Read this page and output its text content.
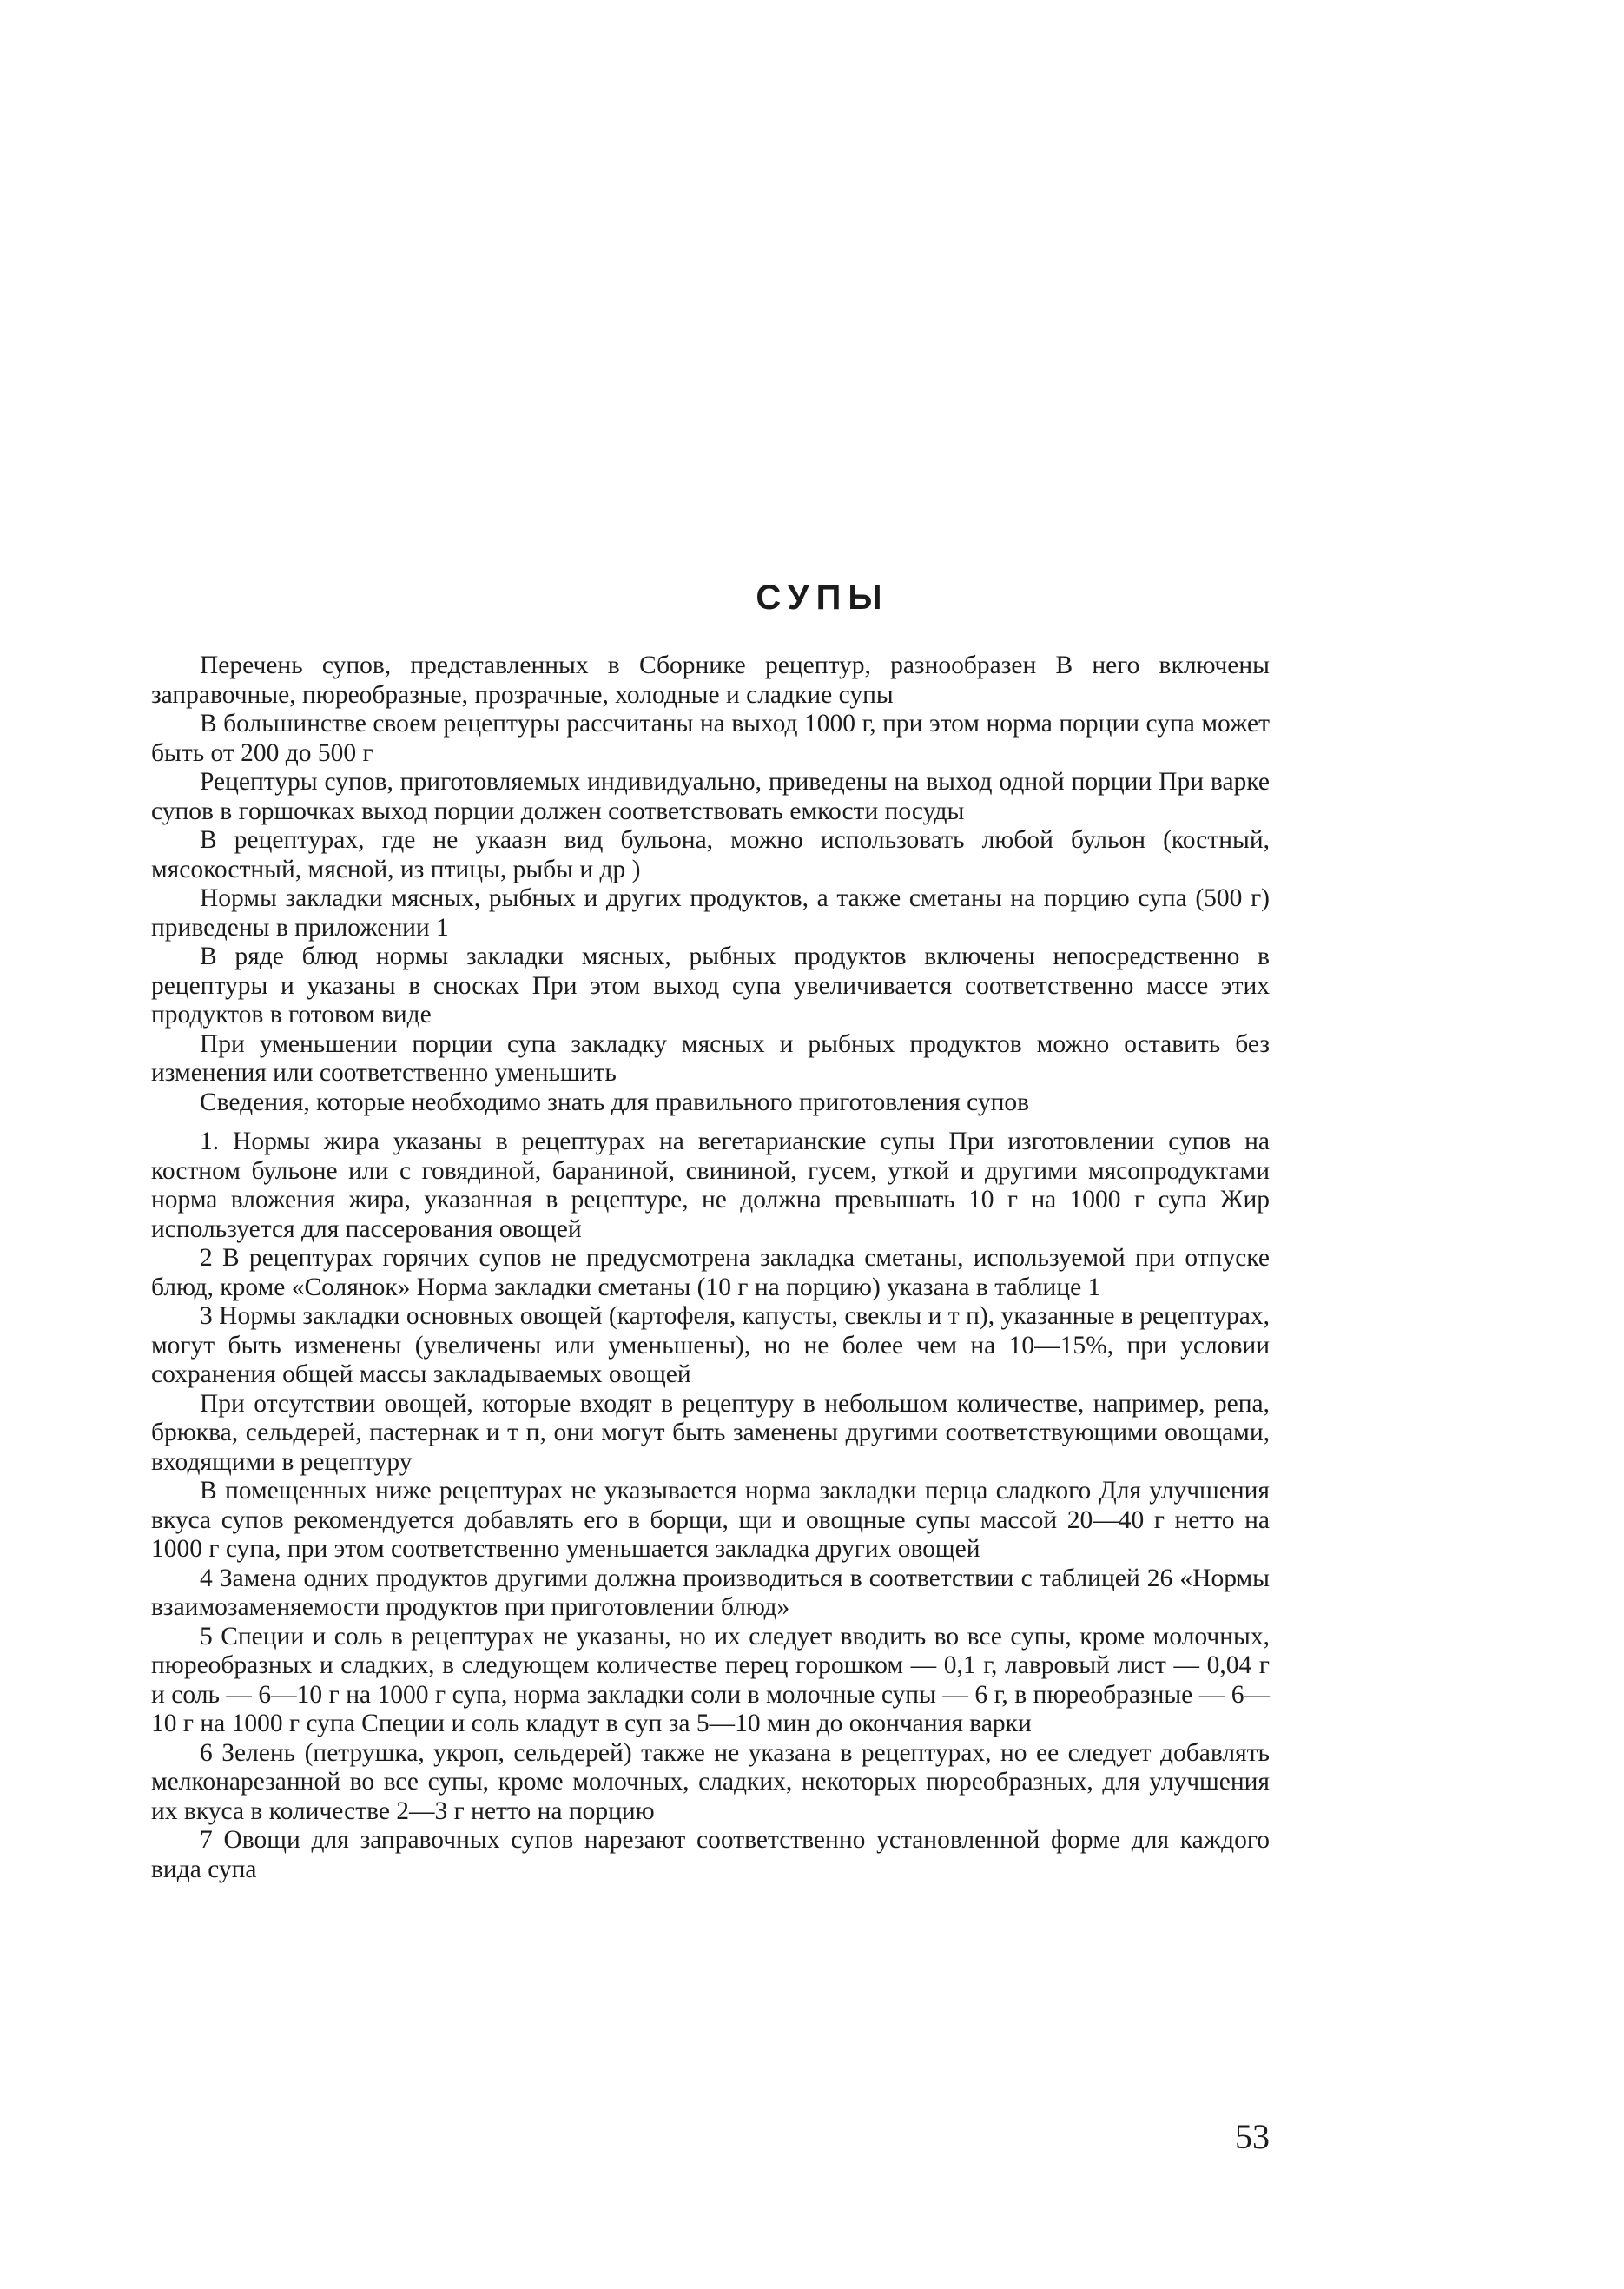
СУПЫ

Перечень супов, представленных в Сборнике рецептур, разнообразен В него включены заправочные, пюреобразные, прозрачные, холодные и сладкие супы

В большинстве своем рецептуры рассчитаны на выход 1000 г, при этом норма порции супа может быть от 200 до 500 г

Рецептуры супов, приготовляемых индивидуально, приведены на выход одной порции При варке супов в горшочках выход порции должен соответствовать емкости посуды

В рецептурах, где не укаазн вид бульона, можно использовать любой бульон (костный, мясокостный, мясной, из птицы, рыбы и др )

Нормы закладки мясных, рыбных и других продуктов, а также сметаны на порцию супа (500 г) приведены в приложении 1

В ряде блюд нормы закладки мясных, рыбных продуктов включены непосредственно в рецептуры и указаны в сносках При этом выход супа увеличивается соответственно массе этих продуктов в готовом виде

При уменьшении порции супа закладку мясных и рыбных продуктов можно оставить без изменения или соответственно уменьшить

Сведения, которые необходимо знать для правильного приготовления супов

1. Нормы жира указаны в рецептурах на вегетарианские супы При изготовлении супов на костном бульоне или с говядиной, бараниной, свининой, гусем, уткой и другими мясопродуктами норма вложения жира, указанная в рецептуре, не должна превышать 10 г на 1000 г супа Жир используется для пассерования овощей

2 В рецептурах горячих супов не предусмотрена закладка сметаны, используемой при отпуске блюд, кроме «Солянок» Норма закладки сметаны (10 г на порцию) указана в таблице 1

3 Нормы закладки основных овощей (картофеля, капусты, свеклы и т п), указанные в рецептурах, могут быть изменены (увеличены или уменьшены), но не более чем на 10—15%, при условии сохранения общей массы закладываемых овощей

При отсутствии овощей, которые входят в рецептуру в небольшом количестве, например, репа, брюква, сельдерей, пастернак и т п, они могут быть заменены другими соответствующими овощами, входящими в рецептуру

В помещенных ниже рецептурах не указывается норма закладки перца сладкого Для улучшения вкуса супов рекомендуется добавлять его в борщи, щи и овощные супы массой 20—40 г нетто на 1000 г супа, при этом соответственно уменьшается закладка других овощей

4 Замена одних продуктов другими должна производиться в соответствии с таблицей 26 «Нормы взаимозаменяемости продуктов при приготовлении блюд»

5 Специи и соль в рецептурах не указаны, но их следует вводить во все супы, кроме молочных, пюреобразных и сладких, в следующем количестве перец горошком — 0,1 г, лавровый лист — 0,04 г и соль — 6—10 г на 1000 г супа, норма закладки соли в молочные супы — 6 г, в пюреобразные — 6—10 г на 1000 г супа Специи и соль кладут в суп за 5—10 мин до окончания варки

6 Зелень (петрушка, укроп, сельдерей) также не указана в рецептурах, но ее следует добавлять мелконарезанной во все супы, кроме молочных, сладких, некоторых пюреобразных, для улучшения их вкуса в количестве 2—3 г нетто на порцию

7 Овощи для заправочных супов нарезают соответственно установленной форме для каждого вида супа

53
